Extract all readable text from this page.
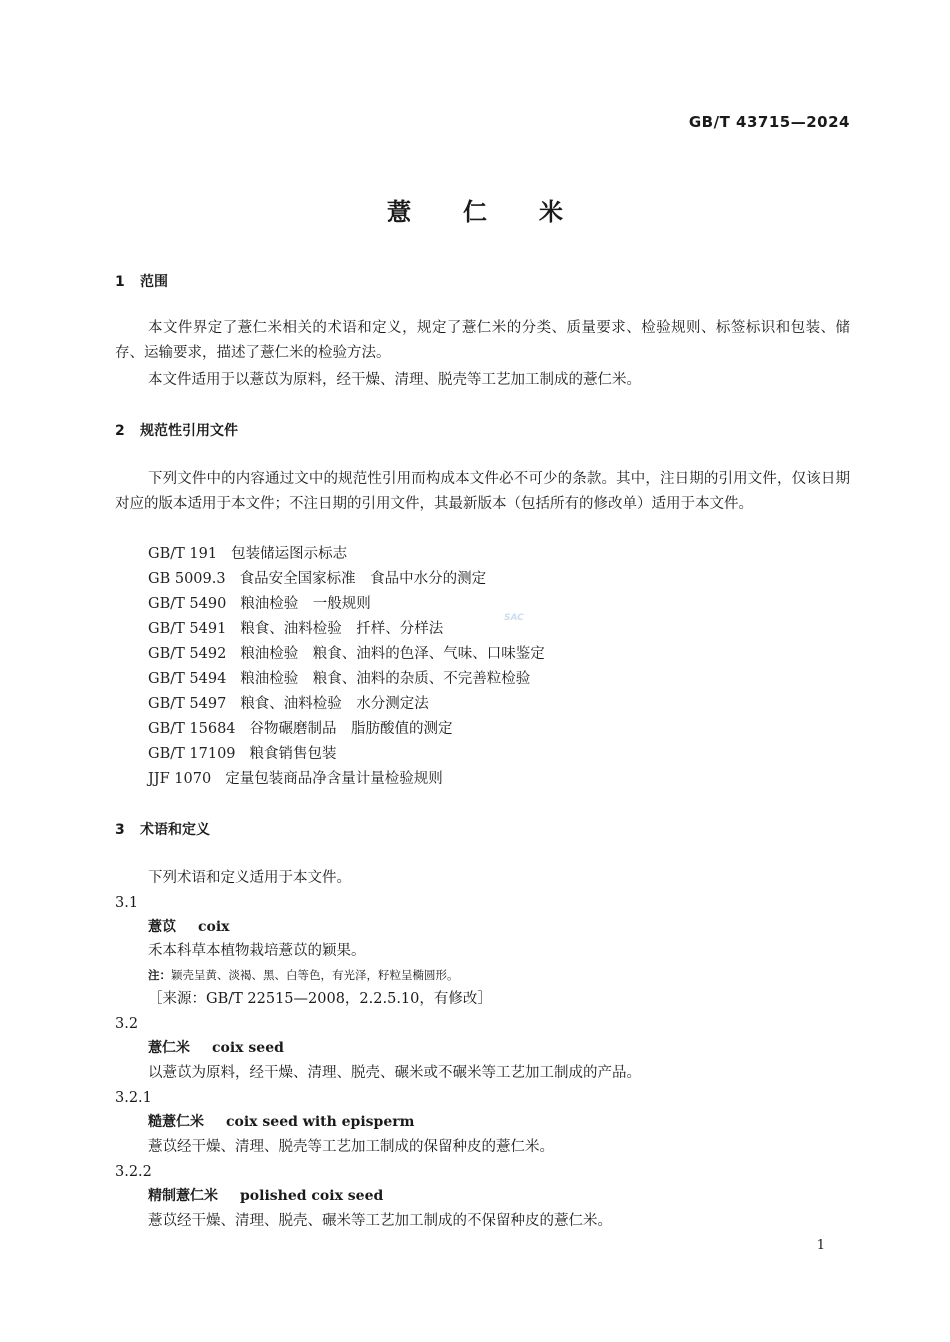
GB/T 43715—2024
薏仁米
1 范围
本文件界定了薏仁米相关的术语和定义，规定了薏仁米的分类、质量要求、检验规则、标签标识和包装、储存、运输要求，描述了薏仁米的检验方法。
本文件适用于以薏苡为原料，经干燥、清理、脱壳等工艺加工制成的薏仁米。
2 规范性引用文件
下列文件中的内容通过文中的规范性引用而构成本文件必不可少的条款。其中，注日期的引用文件，仅该日期对应的版本适用于本文件；不注日期的引用文件，其最新版本（包括所有的修改单）适用于本文件。
GB/T 191 包装储运图示标志
GB 5009.3 食品安全国家标准　食品中水分的测定
GB/T 5490 粮油检验　一般规则
GB/T 5491 粮食、油料检验　扦样、分样法
GB/T 5492 粮油检验　粮食、油料的色泽、气味、口味鉴定
GB/T 5494 粮油检验　粮食、油料的杂质、不完善粒检验
GB/T 5497 粮食、油料检验　水分测定法
GB/T 15684 谷物碾磨制品　脂肪酸值的测定
GB/T 17109 粮食销售包装
JJF 1070 定量包装商品净含量计量检验规则
3 术语和定义
下列术语和定义适用于本文件。
3.1
薏苡 coix
禾本科草本植物栽培薏苡的颖果。
注：颖壳呈黄、淡褐、黑、白等色，有光泽，籽粒呈椭圆形。
［来源：GB/T 22515—2008，2.2.5.10，有修改］
3.2
薏仁米 coix seed
以薏苡为原料，经干燥、清理、脱壳、碾米或不碾米等工艺加工制成的产品。
3.2.1
糙薏仁米 coix seed with episperm
薏苡经干燥、清理、脱壳等工艺加工制成的保留种皮的薏仁米。
3.2.2
精制薏仁米 polished coix seed
薏苡经干燥、清理、脱壳、碾米等工艺加工制成的不保留种皮的薏仁米。
SAC
1
